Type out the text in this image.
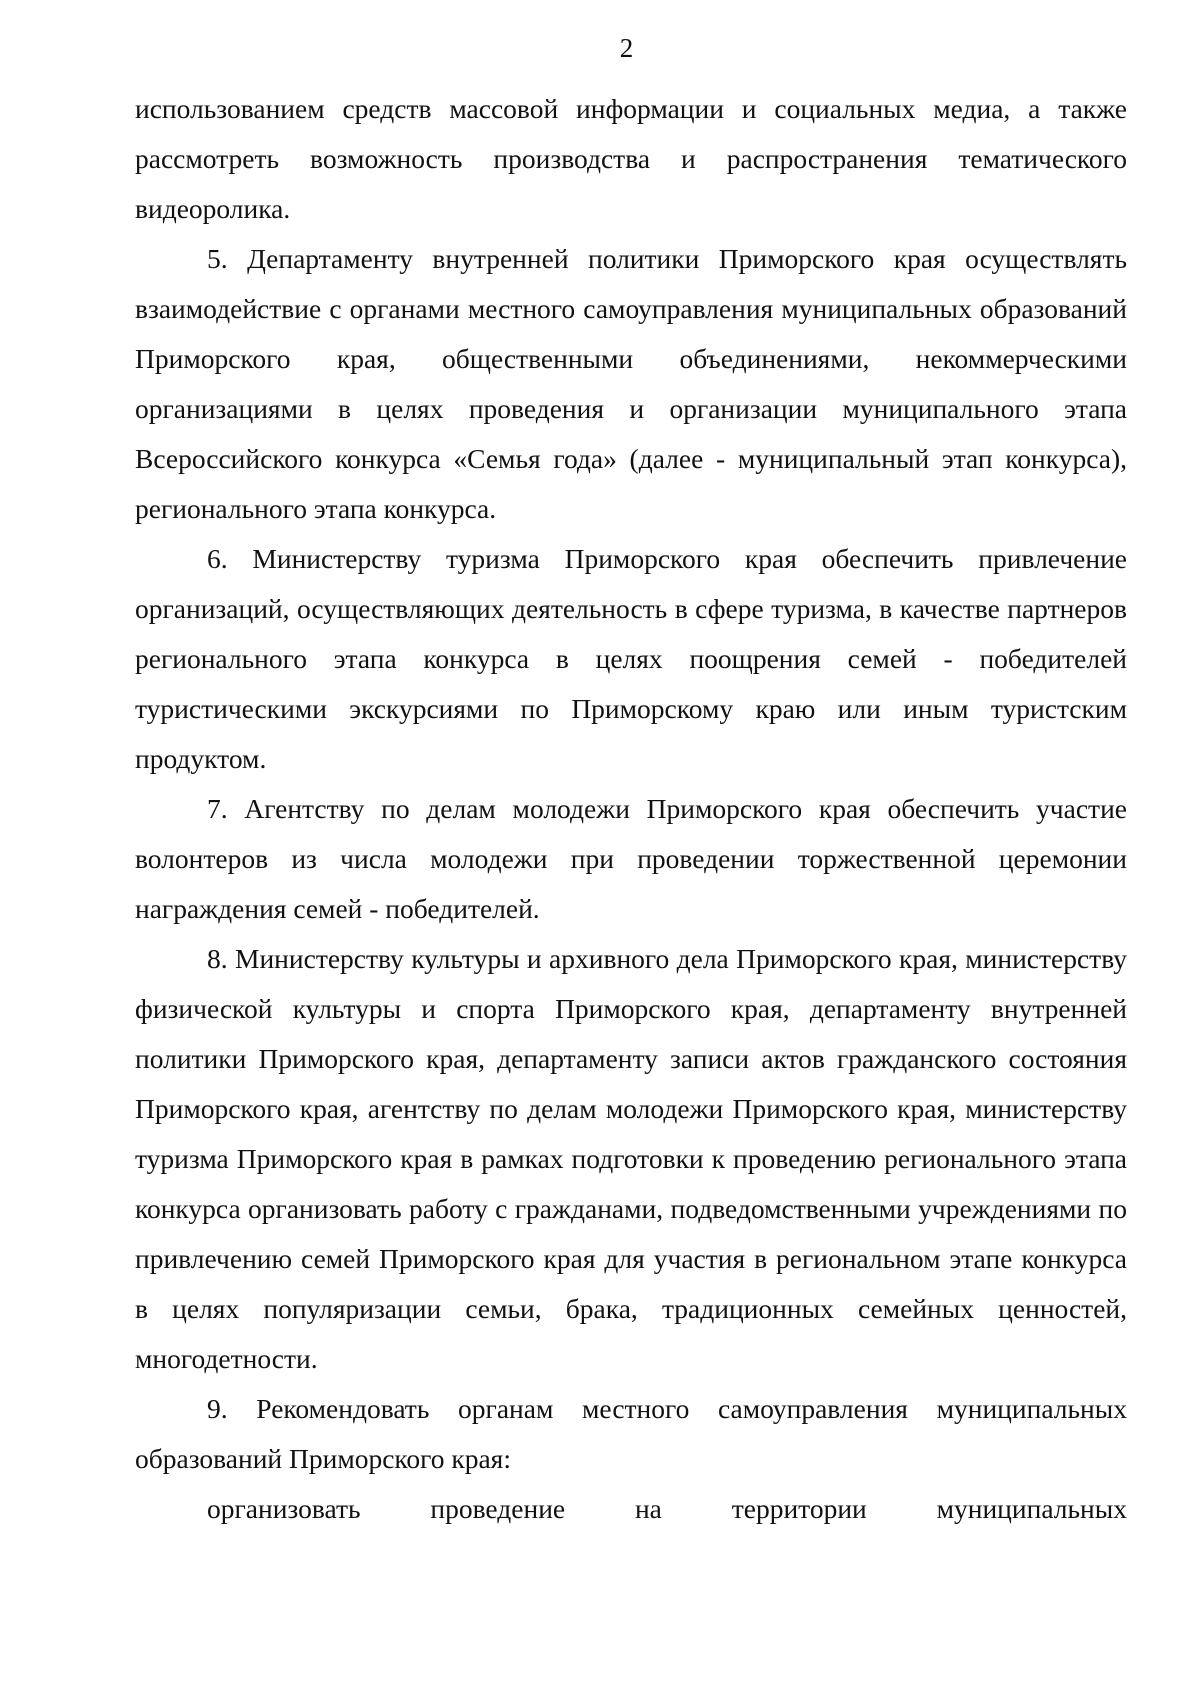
2

использованием средств массовой информации и социальных медиа, а также рассмотреть возможность производства и распространения тематического видеоролика.

5. Департаменту внутренней политики Приморского края осуществлять взаимодействие с органами местного самоуправления муниципальных образований Приморского края, общественными объединениями, некоммерческими организациями в целях проведения и организации муниципального этапа Всероссийского конкурса «Семья года» (далее - муниципальный этап конкурса), регионального этапа конкурса.

6. Министерству туризма Приморского края обеспечить привлечение организаций, осуществляющих деятельность в сфере туризма, в качестве партнеров регионального этапа конкурса в целях поощрения семей - победителей туристическими экскурсиями по Приморскому краю или иным туристским продуктом.

7. Агентству по делам молодежи Приморского края обеспечить участие волонтеров из числа молодежи при проведении торжественной церемонии награждения семей - победителей.

8. Министерству культуры и архивного дела Приморского края, министерству физической культуры и спорта Приморского края, департаменту внутренней политики Приморского края, департаменту записи актов гражданского состояния Приморского края, агентству по делам молодежи Приморского края, министерству туризма Приморского края в рамках подготовки к проведению регионального этапа конкурса организовать работу с гражданами, подведомственными учреждениями по привлечению семей Приморского края для участия в региональном этапе конкурса в целях популяризации семьи, брака, традиционных семейных ценностей, многодетности.

9. Рекомендовать органам местного самоуправления муниципальных образований Приморского края:

организовать проведение на территории муниципальных
